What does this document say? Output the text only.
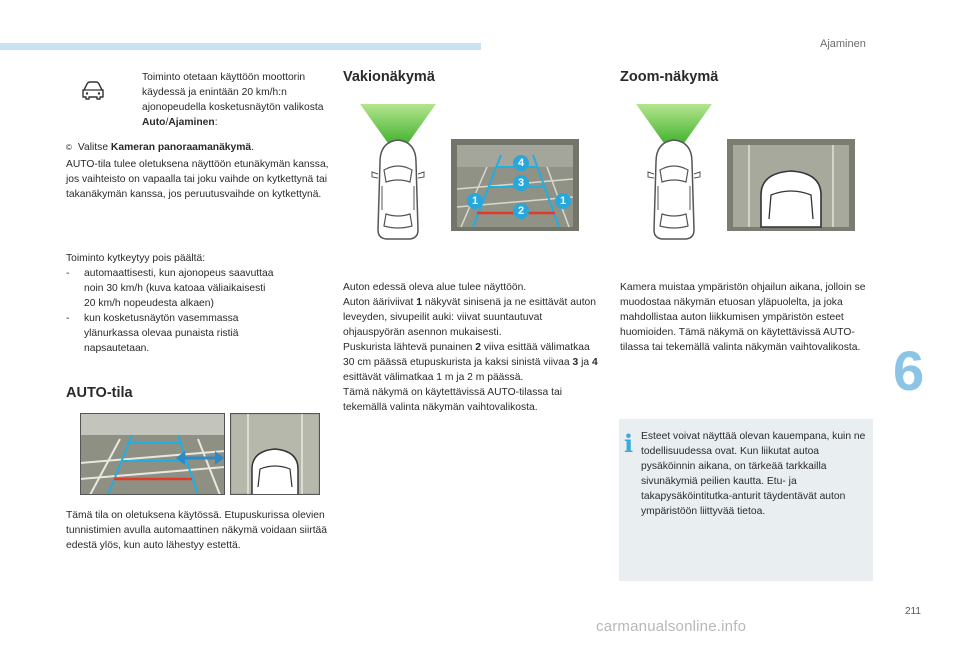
Ajaminen

Toiminto otetaan käyttöön moottorin käydessä ja enintään 20 km/h:n ajonopeudella kosketusnäytön valikosta Auto/Ajaminen:

© Valitse Kameran panoraamanäkymä.

AUTO-tila tulee oletuksena näyttöön etunäkymän kanssa, jos vaihteisto on vapaalla tai joku vaihde on kytkettynä tai takanäkymän kanssa, jos peruutusvaihde on kytkettynä.

Toiminto kytkeytyy pois päältä:

- automaattisesti, kun ajonopeus saavuttaa
noin 30 km/h (kuva katoaa väliaikaisesti
20 km/h nopeudesta alkaen)
- kun kosketusnäytön vasemmassa
ylänurkassa olevaa punaista ristiä
napsautetaan.
AUTO-tila

Tämä tila on oletuksena käytössä. Etupuskurissa olevien tunnistimien avulla automaattinen näkymä voidaan siirtää edestä ylös, kun auto lähestyy estettä.

Vakionäkymä
4
3
1
2
1

Auton edessä oleva alue tulee näyttöön.

Auton ääriviivat 1 näkyvät sinisenä ja ne esittävät auton leveyden, sivupeilit auki: viivat suuntautuvat ohjauspyörän asennon mukaisesti.

Puskurista lähtevä punainen 2 viiva esittää välimatkaa 30 cm päässä etupuskurista ja kaksi sinistä viivaa 3 ja 4 esittävät välimatkaa 1 m ja 2 m päässä.

Tämä näkymä on käytettävissä AUTO-tilassa tai tekemällä valinta näkymän vaihtovalikosta.

Zoom-näkymä

Kamera muistaa ympäristön ohjailun aikana, jolloin se muodostaa näkymän etuosan yläpuolelta, ja joka mahdollistaa auton liikkumisen ympäristön esteet huomioiden. Tämä näkymä on käytettävissä AUTO-tilassa tai tekemällä valinta näkymän vaihtovalikosta.

i Esteet voivat näyttää olevan kauempana, kuin ne todellisuudessa ovat. Kun liikutat autoa pysäköinnin aikana, on tärkeää tarkkailla sivunäkymiä peilien kautta. Etu- ja takapysäköintitutka-anturit täydentävät auton ympäristöön liittyvää tietoa.

6
211
carmanualsonline.info
